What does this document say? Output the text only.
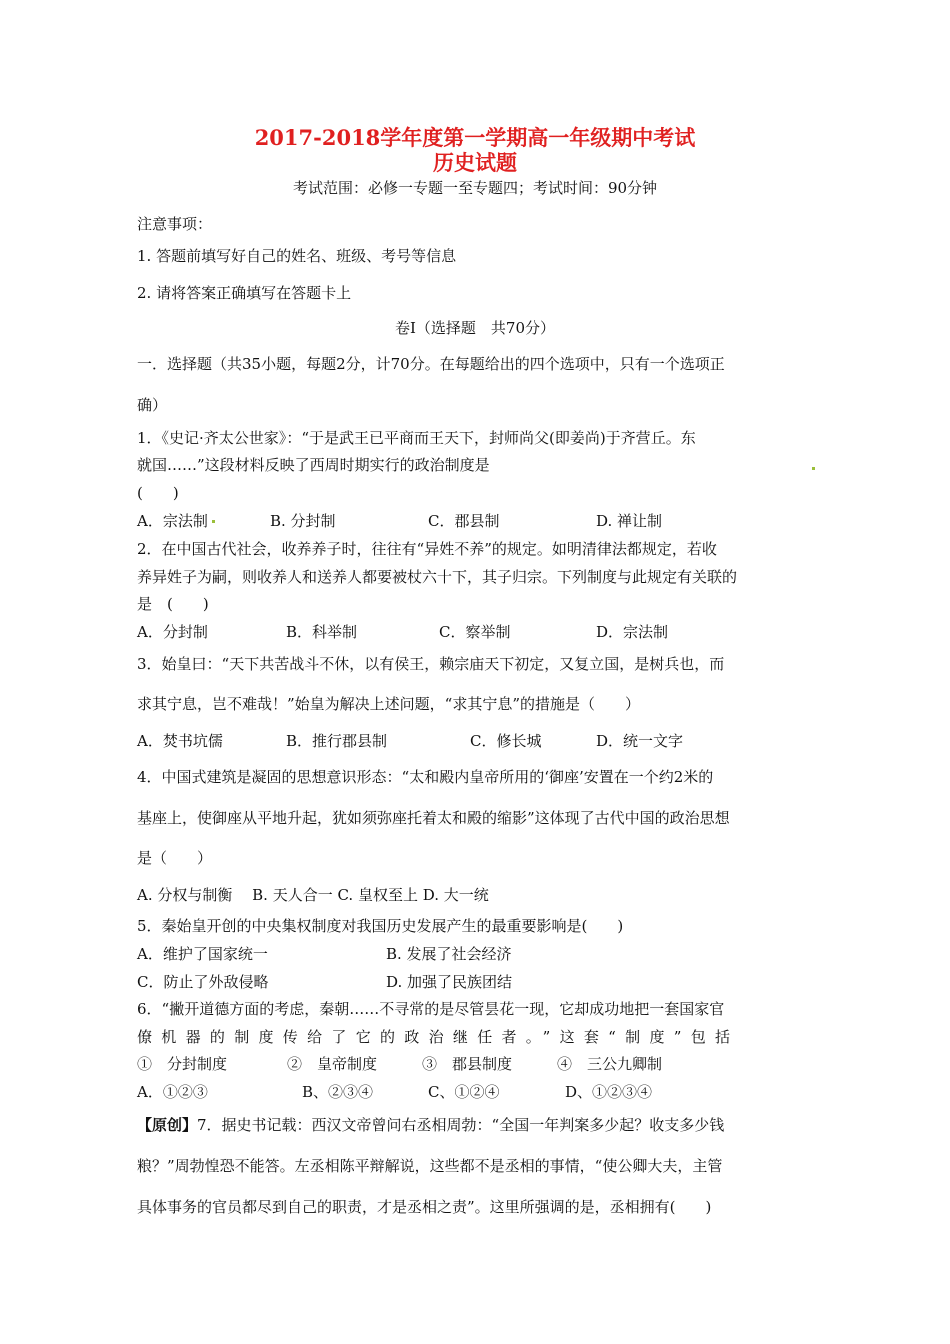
2017-2018学年度第一学期高一年级期中考试
历史试题
考试范围：必修一专题一至专题四；考试时间：90分钟
注意事项：
1. 答题前填写好自己的姓名、班级、考号等信息
2. 请将答案正确填写在答题卡上
卷Ⅰ（选择题　共70分）
一．选择题（共35小题，每题2分，计70分。在每题给出的四个选项中，只有一个选项正
确）
1．《史记·齐太公世家》：“于是武王已平商而王天下，封师尚父(即姜尚)于齐营丘。东
就国……”这段材料反映了西周时期实行的政治制度是
(　　)
A．宗法制	B. 分封制	C．郡县制	D. 禅让制
2．在中国古代社会，收养养子时，往往有“异姓不养”的规定。如明清律法都规定，若收
养异姓子为嗣，则收养人和送养人都要被杖六十下，其子归宗。下列制度与此规定有关联的
是　(　　)
A．分封制	B．科举制	C．察举制	D．宗法制
3．始皇曰：“天下共苦战斗不休，以有侯王，赖宗庙天下初定，又复立国，是树兵也，而
求其宁息，岂不难哉！”始皇为解决上述问题，“求其宁息”的措施是（　　）
A．焚书坑儒	B．推行郡县制	C．修长城	D．统一文字
4．中国式建筑是凝固的思想意识形态：“太和殿内皇帝所用的‘御座’安置在一个约2米的
基座上，使御座从平地升起，犹如须弥座托着太和殿的缩影”这体现了古代中国的政治思想
是（　　）
A. 分权与制衡　 B. 天人合一 C. 皇权至上 D. 大一统
5．秦始皇开创的中央集权制度对我国历史发展产生的最重要影响是(　　)
A．维护了国家统一	B. 发展了社会经济
C．防止了外敌侵略	D. 加强了民族团结
6．“撇开道德方面的考虑，秦朝……不寻常的是尽管昙花一现，它却成功地把一套国家官
僚机器的制度传给了它的政治继任者。”这套“制度”包括
①　分封制度　　　　②　皇帝制度　　　③　郡县制度　　　④　三公九卿制
A．①②③	B、②③④	C、①②④	D、①②③④
【原创】7．据史书记载：西汉文帝曾问右丞相周勃：“全国一年判案多少起？收支多少钱
粮？”周勃惶恐不能答。左丞相陈平辩解说，这些都不是丞相的事情，“使公卿大夫，主管
具体事务的官员都尽到自己的职责，才是丞相之责”。这里所强调的是，丞相拥有(　　)
